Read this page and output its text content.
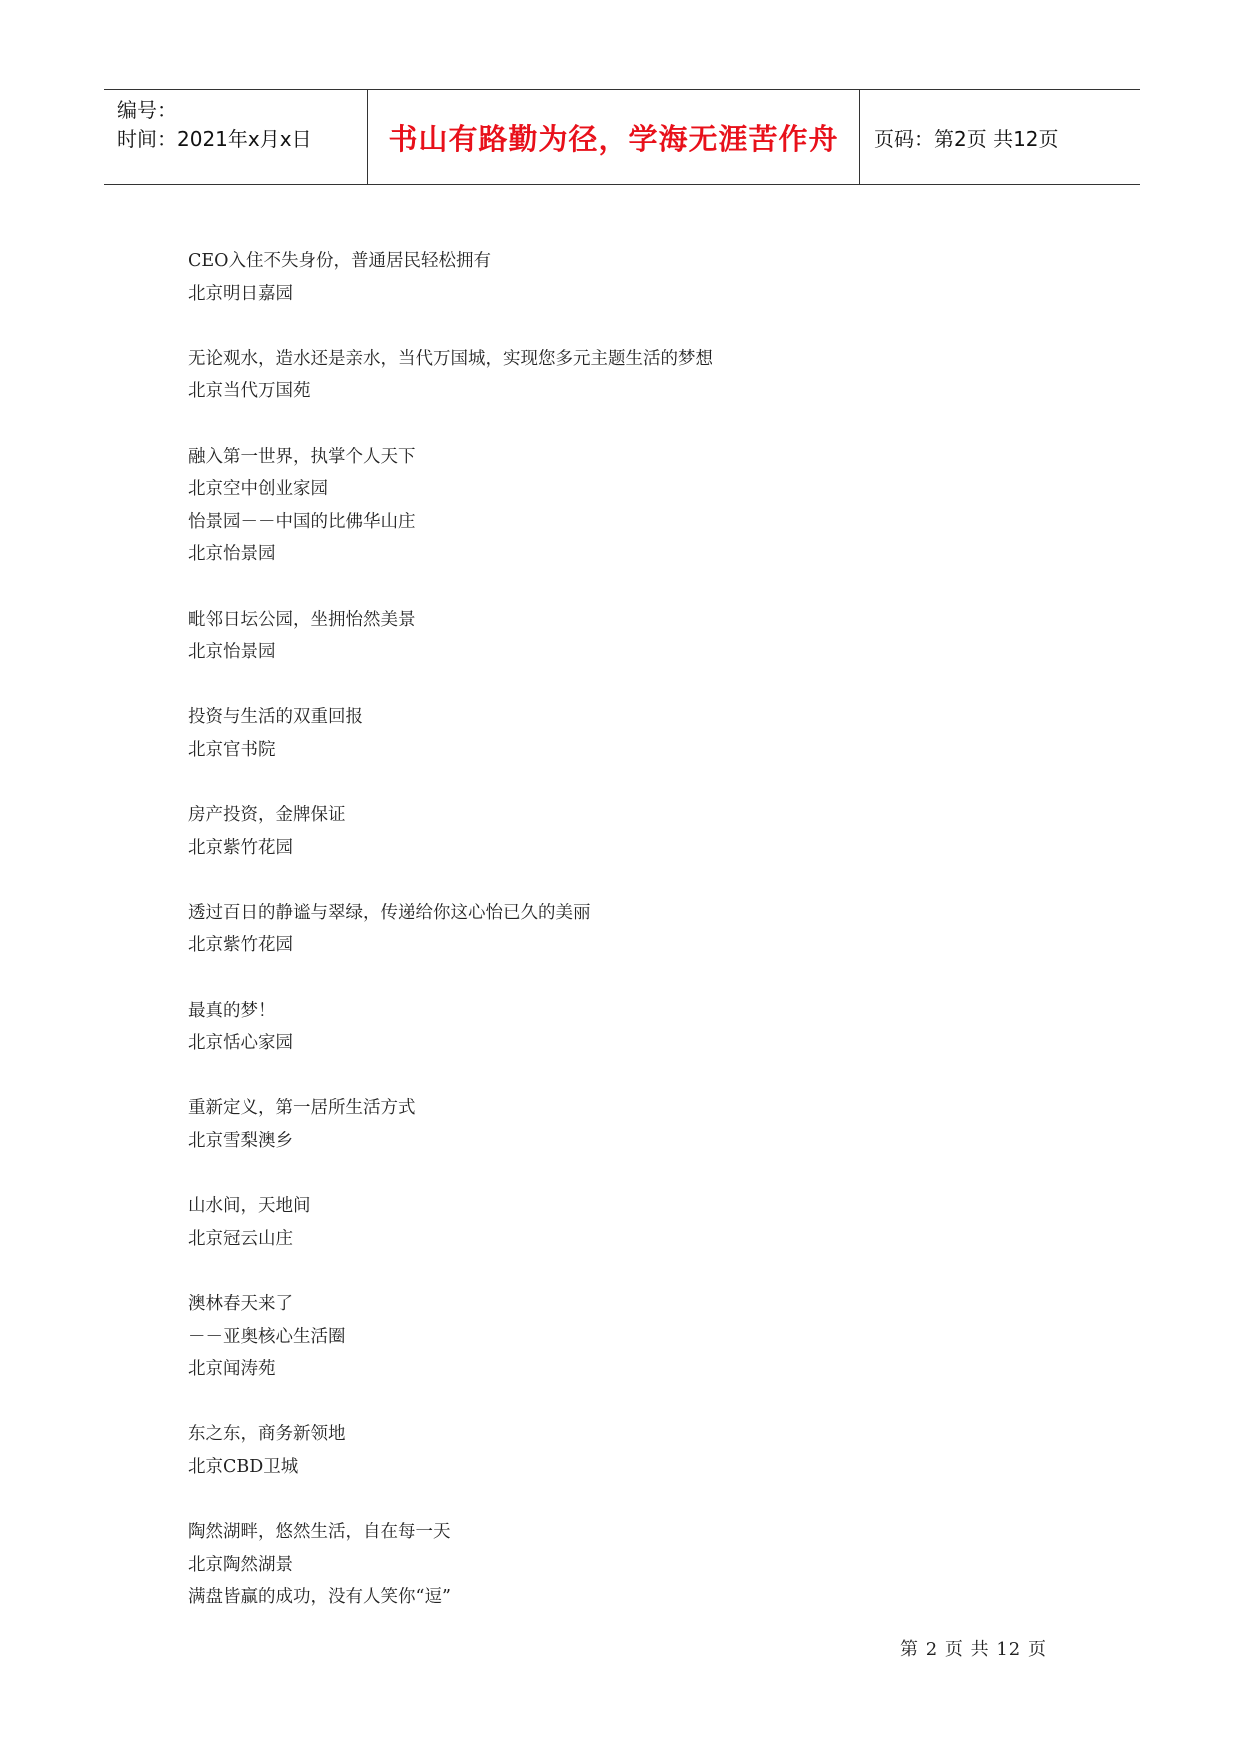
编号：
时间：2021年x月x日	书山有路勤为径，学海无涯苦作舟 页码：第2页 共12页
CEO入住不失身份，普通居民轻松拥有
北京明日嘉园
无论观水，造水还是亲水，当代万国城，实现您多元主题生活的梦想
北京当代万国苑
融入第一世界，执掌个人天下
北京空中创业家园
怡景园－－中国的比佛华山庄
北京怡景园
毗邻日坛公园，坐拥怡然美景
北京怡景园
投资与生活的双重回报
北京官书院
房产投资，金牌保证
北京紫竹花园
透过百日的静谧与翠绿，传递给你这心怡已久的美丽
北京紫竹花园
最真的梦！
北京恬心家园
重新定义，第一居所生活方式
北京雪梨澳乡
山水间，天地间
北京冠云山庄
澳林春天来了
－－亚奥核心生活圈
北京闻涛苑
东之东，商务新领地
北京CBD卫城
陶然湖畔，悠然生活，自在每一天
北京陶然湖景
满盘皆赢的成功，没有人笑你“逗”
第 2 页 共 12 页
